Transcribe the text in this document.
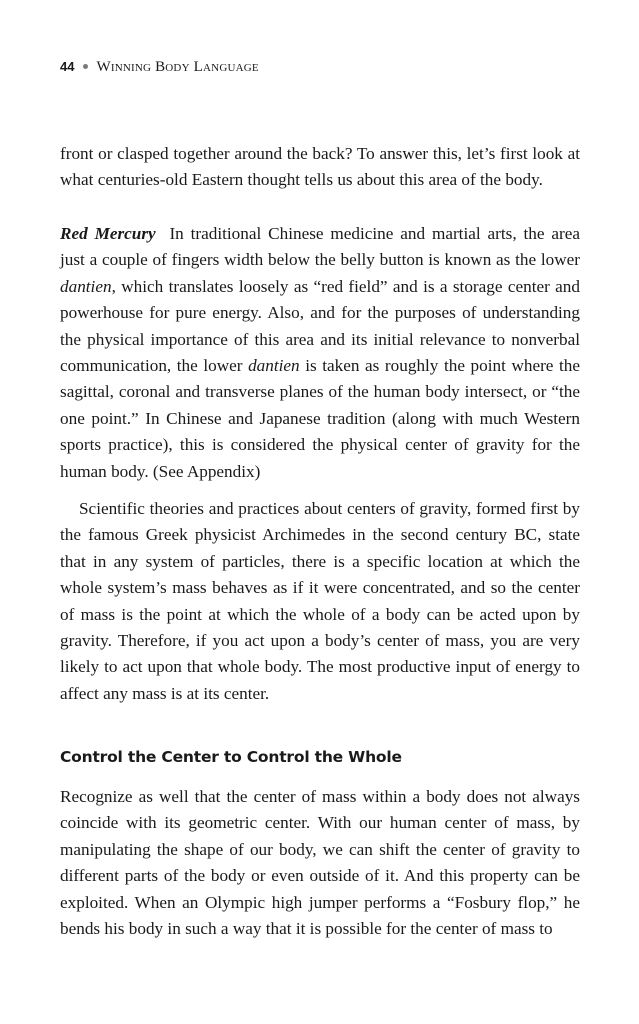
44 Winning Body Language

front or clasped together around the back? To answer this, let’s first look at what centuries-old Eastern thought tells us about this area of the body.

Red Mercury In traditional Chinese medicine and martial arts, the area just a couple of fingers width below the belly button is known as the lower dantien, which translates loosely as “red field” and is a storage center and powerhouse for pure energy. Also, and for the purposes of understanding the physical importance of this area and its initial relevance to nonverbal communication, the lower dantien is taken as roughly the point where the sagittal, coronal and transverse planes of the human body intersect, or “the one point.” In Chinese and Japanese tradition (along with much Western sports practice), this is considered the physical center of gravity for the human body. (See Appendix)

Scientific theories and practices about centers of gravity, formed first by the famous Greek physicist Archimedes in the second century BC, state that in any system of particles, there is a specific location at which the whole system’s mass behaves as if it were concentrated, and so the center of mass is the point at which the whole of a body can be acted upon by gravity. Therefore, if you act upon a body’s center of mass, you are very likely to act upon that whole body. The most productive input of energy to affect any mass is at its center.

Control the Center to Control the Whole

Recognize as well that the center of mass within a body does not always coincide with its geometric center. With our human center of mass, by manipulating the shape of our body, we can shift the center of gravity to different parts of the body or even outside of it. And this property can be exploited. When an Olympic high jumper performs a “Fosbury flop,” he bends his body in such a way that it is possible for the center of mass to
